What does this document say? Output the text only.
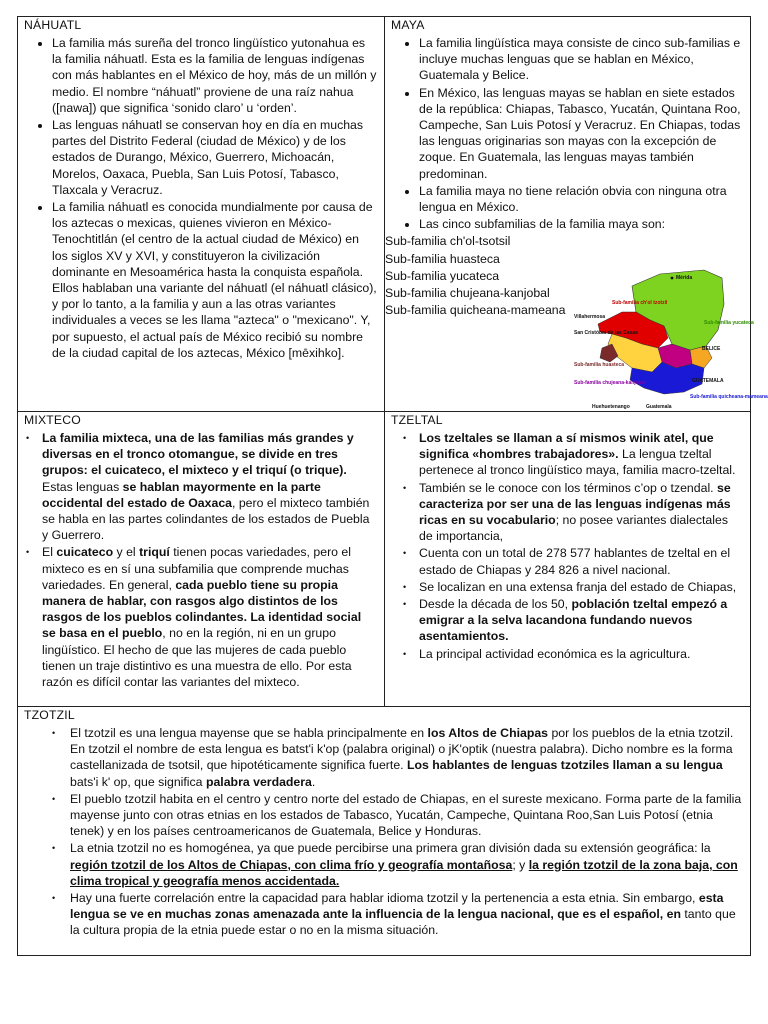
NÁHUATL
• La familia más sureña del tronco lingüístico yutonahua es la familia náhuatl. Esta es la familia de lenguas indígenas con más hablantes en el México de hoy, más de un millón y medio. El nombre “náhuatl” proviene de una raíz nahua ([nawa]) que significa ‘sonido claro’ u ‘orden’.
• Las lenguas náhuatl se conservan hoy en día en muchas partes del Distrito Federal (ciudad de México) y de los estados de Durango, México, Guerrero, Michoacán, Morelos, Oaxaca, Puebla, San Luis Potosí, Tabasco, Tlaxcala y Veracruz.
• La familia náhuatl es conocida mundialmente por causa de los aztecas o mexicas, quienes vivieron en México-Tenochtitlán (el centro de la actual ciudad de México) en los siglos XV y XVI, y constituyeron la civilización dominante en Mesoamérica hasta la conquista española. Ellos hablaban una variante del náhuatl (el náhuatl clásico), y por lo tanto, a la familia y aun a las otras variantes individuales a veces se les llama "azteca" o "mexicano". Y, por supuesto, el actual país de México recibió su nombre de la ciudad capital de los aztecas, México [mēxihko].
MAYA
• La familia lingüística maya consiste de cinco sub-familias e incluye muchas lenguas que se hablan en México, Guatemala y Belice.
• En México, las lenguas mayas se hablan en siete estados de la república: Chiapas, Tabasco, Yucatán, Quintana Roo, Campeche, San Luis Potosí y Veracruz. En Chiapas, todas las lenguas originarias son mayas con la excepción de zoque. En Guatemala, las lenguas mayas también predominan.
• La familia maya no tiene relación obvia con ninguna otra lengua en México.
• Las cinco subfamilias de la familia maya son:
Sub-familia ch'ol-tsotsil
Sub-familia huasteca
Sub-familia yucateca
Sub-familia chujeana-kanjobal
Sub-familia quicheana-mameana
MIXTECO
• La familia mixteca, una de las familias más grandes y diversas en el tronco otomangue, se divide en tres grupos: el cuicateco, el mixteco y el triquí (o trique). Estas lenguas se hablan mayormente en la parte occidental del estado de Oaxaca, pero el mixteco también se habla en las partes colindantes de los estados de Puebla y Guerrero.
• El cuicateco y el triquí tienen pocas variedades, pero el mixteco es en sí una subfamilia que comprende muchas variedades. En general, cada pueblo tiene su propia manera de hablar, con rasgos algo distintos de los rasgos de los pueblos colindantes. La identidad social se basa en el pueblo, no en la región, ni en un grupo lingüístico. El hecho de que las mujeres de cada pueblo tienen un traje distintivo es una muestra de ello. Por esta razón es difícil contar las variantes del mixteco.
TZELTAL
• Los tzeltales se llaman a sí mismos winik atel, que significa «hombres trabajadores». La lengua tzeltal pertenece al tronco lingüístico maya, familia macro-tzeltal.
• También se le conoce con los términos c’op o tzendal. se caracteriza por ser una de las lenguas indígenas más ricas en su vocabulario; no posee variantes dialectales de importancia,
• Cuenta con un total de 278 577 hablantes de tzeltal en el estado de Chiapas y 284 826 a nivel nacional.
• Se localizan en una extensa franja del estado de Chiapas,
• Desde la década de los 50, población tzeltal empezó a emigrar a la selva lacandona fundando nuevos asentamientos.
• La principal actividad económica es la agricultura.
TZOTZIL
• El tzotzil es una lengua mayense que se habla principalmente en los Altos de Chiapas por los pueblos de la etnia tzotzil. En tzotzil el nombre de esta lengua es batst'i k'op (palabra original) o jK'optik (nuestra palabra). Dicho nombre es la forma castellanizada de tsotsil, que hipotéticamente significa fuerte. Los hablantes de lenguas tzotziles llaman a su lengua bats'i k' op, que significa palabra verdadera.
• El pueblo tzotzil habita en el centro y centro norte del estado de Chiapas, en el sureste mexicano. Forma parte de la familia mayense junto con otras etnias en los estados de Tabasco, Yucatán, Campeche, Quintana Roo,San Luis Potosí (etnia tenek) y en los países centroamericanos de Guatemala, Belice y Honduras.
• La etnia tzotzil no es homogénea, ya que puede percibirse una primera gran división dada su extensión geográfica: la región tzotzil de los Altos de Chiapas, con clima frío y geografía montañosa; y la región tzotzil de la zona baja, con clima tropical y geografía menos accidentada.
• Hay una fuerte correlación entre la capacidad para hablar idioma tzotzil y la pertenencia a esta etnia. Sin embargo, esta lengua se ve en muchas zonas amenazada ante la influencia de la lengua nacional, que es el español, en tanto que la cultura propia de la etnia puede estar o no en la misma situación.
Mérida
Sub-familia ch'ol tzotzil
Villahermosa
Sub-familia yucateca
San Cristóbal de las Casas
BELICE
Sub-familia huasteca
Sub-familia chujeana-kanjobal	GUATEMALA
Sub-familia quicheana-mameana
Guatemala
Huehuetenango
